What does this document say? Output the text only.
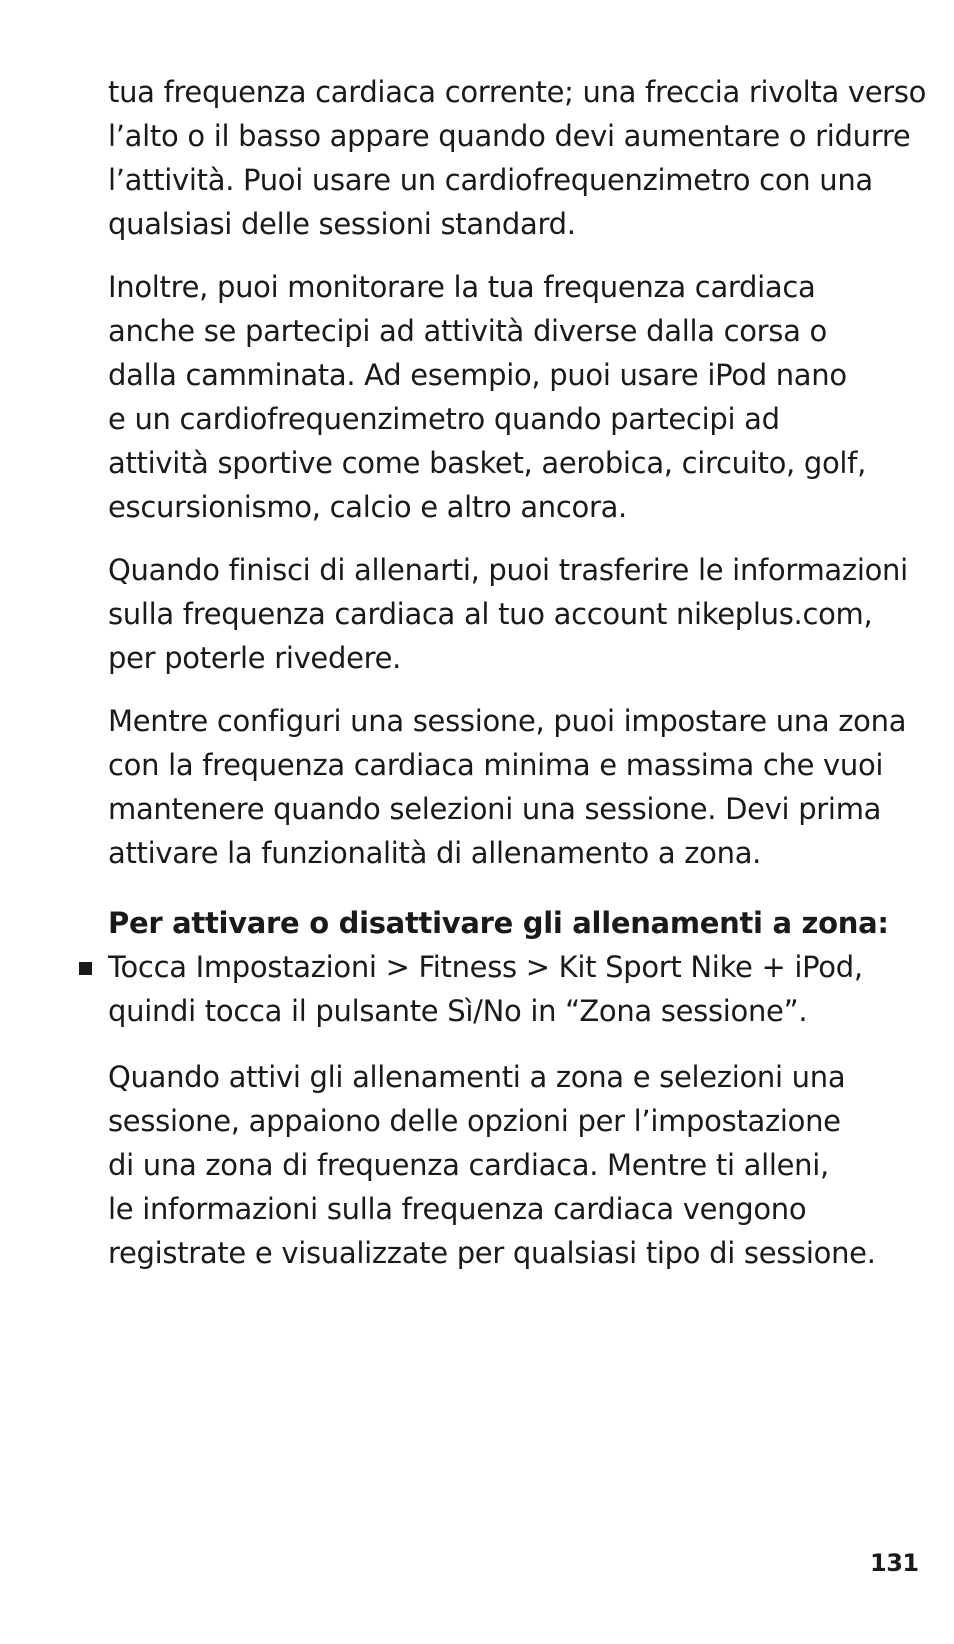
tua frequenza cardiaca corrente; una freccia rivolta verso
l’alto o il basso appare quando devi aumentare o ridurre
l’attività. Puoi usare un cardiofrequenzimetro con una
qualsiasi delle sessioni standard.

Inoltre, puoi monitorare la tua frequenza cardiaca
anche se partecipi ad attività diverse dalla corsa o
dalla camminata. Ad esempio, puoi usare iPod nano
e un cardiofrequenzimetro quando partecipi ad
attività sportive come basket, aerobica, circuito, golf,
escursionismo, calcio e altro ancora.

Quando finisci di allenarti, puoi trasferire le informazioni
sulla frequenza cardiaca al tuo account nikeplus.com,
per poterle rivedere.

Mentre configuri una sessione, puoi impostare una zona
con la frequenza cardiaca minima e massima che vuoi
mantenere quando selezioni una sessione. Devi prima
attivare la funzionalità di allenamento a zona.

Per attivare o disattivare gli allenamenti a zona:

Tocca Impostazioni > Fitness > Kit Sport Nike + iPod,
quindi tocca il pulsante Sì/No in “Zona sessione”.

Quando attivi gli allenamenti a zona e selezioni una
sessione, appaiono delle opzioni per l’impostazione
di una zona di frequenza cardiaca. Mentre ti alleni,
le informazioni sulla frequenza cardiaca vengono
registrate e visualizzate per qualsiasi tipo di sessione.

131
